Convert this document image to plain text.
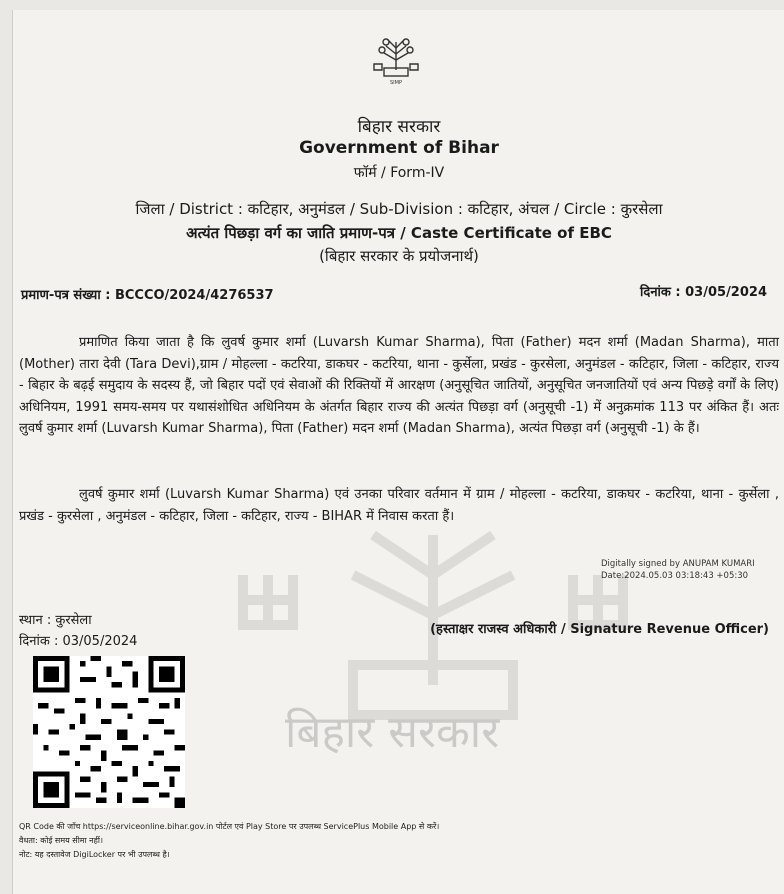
SIMP
बिहार सरकार
बिहार सरकार
Government of Bihar
फॉर्म / Form-IV
जिला / District : कटिहार, अनुमंडल / Sub-Division : कटिहार, अंचल / Circle : कुरसेला
अत्यंत पिछड़ा वर्ग का जाति प्रमाण-पत्र / Caste Certificate of EBC
(बिहार सरकार के प्रयोजनार्थ)
प्रमाण-पत्र संख्या : BCCCO/2024/4276537	दिनांक : 03/05/2024
प्रमाणित किया जाता है कि लुवर्ष कुमार शर्मा (Luvarsh Kumar Sharma), पिता (Father) मदन शर्मा (Madan Sharma), माता (Mother) तारा देवी (Tara Devi),ग्राम / मोहल्ला - कटरिया, डाकघर - कटरिया, थाना - कुर्सेला, प्रखंड - कुरसेला, अनुमंडल - कटिहार, जिला - कटिहार, राज्य - बिहार के बढ़ई समुदाय के सदस्य हैं, जो बिहार पदों एवं सेवाओं की रिक्तियों में आरक्षण (अनुसूचित जातियों, अनुसूचित जनजातियों एवं अन्य पिछड़े वर्गों के लिए) अधिनियम, 1991 समय-समय पर यथासंशोधित अधिनियम के अंतर्गत बिहार राज्य की अत्यंत पिछड़ा वर्ग (अनुसूची -1) में अनुक्रमांक 113 पर अंकित हैं। अतः लुवर्ष कुमार शर्मा (Luvarsh Kumar Sharma), पिता (Father) मदन शर्मा (Madan Sharma), अत्यंत पिछड़ा वर्ग (अनुसूची -1) के हैं।
लुवर्ष कुमार शर्मा (Luvarsh Kumar Sharma) एवं उनका परिवार वर्तमान में ग्राम / मोहल्ला - कटरिया, डाकघर - कटरिया, थाना - कुर्सेला , प्रखंड - कुरसेला , अनुमंडल - कटिहार, जिला - कटिहार, राज्य - BIHAR में निवास करता हैं।
Digitally signed by ANUPAM KUMARI
Date:2024.05.03 03:18:43 +05:30
स्थान : कुरसेला
दिनांक : 03/05/2024
(हस्ताक्षर राजस्व अधिकारी / Signature Revenue Officer)
QR Code की जाँच https://serviceonline.bihar.gov.in पोर्टल एवं Play Store पर उपलब्ध ServicePlus Mobile App से करें।
वैधता: कोई समय सीमा नहीं।
नोट: यह दस्तावेज DigiLocker पर भी उपलब्ध है।
